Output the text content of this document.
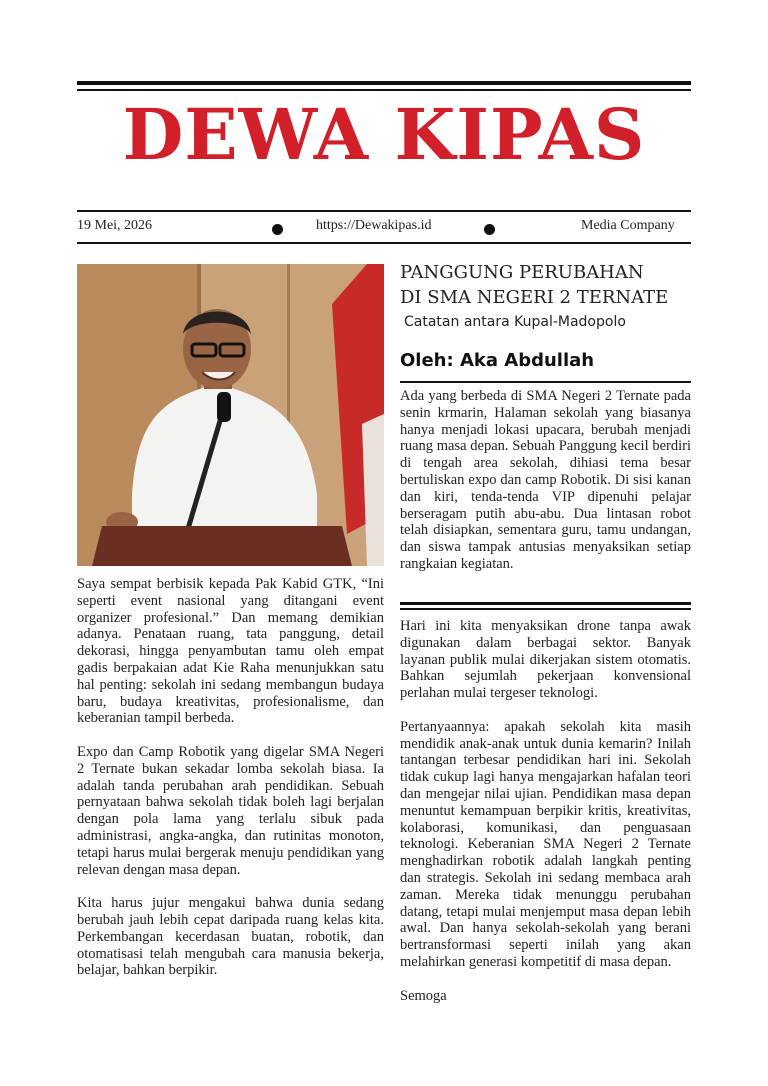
DEWA KIPAS
19 Mei, 2026	https://Dewakipas.id	Media Company

Saya sempat berbisik kepada Pak Kabid GTK, “Ini seperti event nasional yang ditangani event organizer profesional.” Dan memang demikian adanya. Penataan ruang, tata panggung, detail dekorasi, hingga penyambutan tamu oleh empat gadis berpakaian adat Kie Raha menunjukkan satu hal penting: sekolah ini sedang membangun budaya baru, budaya kreativitas, profesionalisme, dan keberanian tampil berbeda.

Expo dan Camp Robotik yang digelar SMA Negeri 2 Ternate bukan sekadar lomba sekolah biasa. Ia adalah tanda perubahan arah pendidikan. Sebuah pernyataan bahwa sekolah tidak boleh lagi berjalan dengan pola lama yang terlalu sibuk pada administrasi, angka-angka, dan rutinitas monoton, tetapi harus mulai bergerak menuju pendidikan yang relevan dengan masa depan.

Kita harus jujur mengakui bahwa dunia sedang berubah jauh lebih cepat daripada ruang kelas kita. Perkembangan kecerdasan buatan, robotik, dan otomatisasi telah mengubah cara manusia bekerja, belajar, bahkan berpikir.

PANGGUNG PERUBAHAN
DI SMA NEGERI 2 TERNATE
Catatan antara Kupal-Madopolo
Oleh: Aka Abdullah

Ada yang berbeda di SMA Negeri 2 Ternate pada senin krmarin, Halaman sekolah yang biasanya hanya menjadi lokasi upacara, berubah menjadi ruang masa depan. Sebuah Panggung kecil berdiri di tengah area sekolah, dihiasi tema besar bertuliskan expo dan camp Robotik. Di sisi kanan dan kiri, tenda-tenda VIP dipenuhi pelajar berseragam putih abu-abu. Dua lintasan robot telah disiapkan, sementara guru, tamu undangan, dan siswa tampak antusias menyaksikan setiap rangkaian kegiatan.

Hari ini kita menyaksikan drone tanpa awak digunakan dalam berbagai sektor. Banyak layanan publik mulai dikerjakan sistem otomatis. Bahkan sejumlah pekerjaan konvensional perlahan mulai tergeser teknologi.

Pertanyaannya: apakah sekolah kita masih mendidik anak-anak untuk dunia kemarin? Inilah tantangan terbesar pendidikan hari ini. Sekolah tidak cukup lagi hanya mengajarkan hafalan teori dan mengejar nilai ujian. Pendidikan masa depan menuntut kemampuan berpikir kritis, kreativitas, kolaborasi, komunikasi, dan penguasaan teknologi. Keberanian SMA Negeri 2 Ternate menghadirkan robotik adalah langkah penting dan strategis. Sekolah ini sedang membaca arah zaman. Mereka tidak menunggu perubahan datang, tetapi mulai menjemput masa depan lebih awal. Dan hanya sekolah-sekolah yang berani bertransformasi seperti inilah yang akan melahirkan generasi kompetitif di masa depan.

Semoga
